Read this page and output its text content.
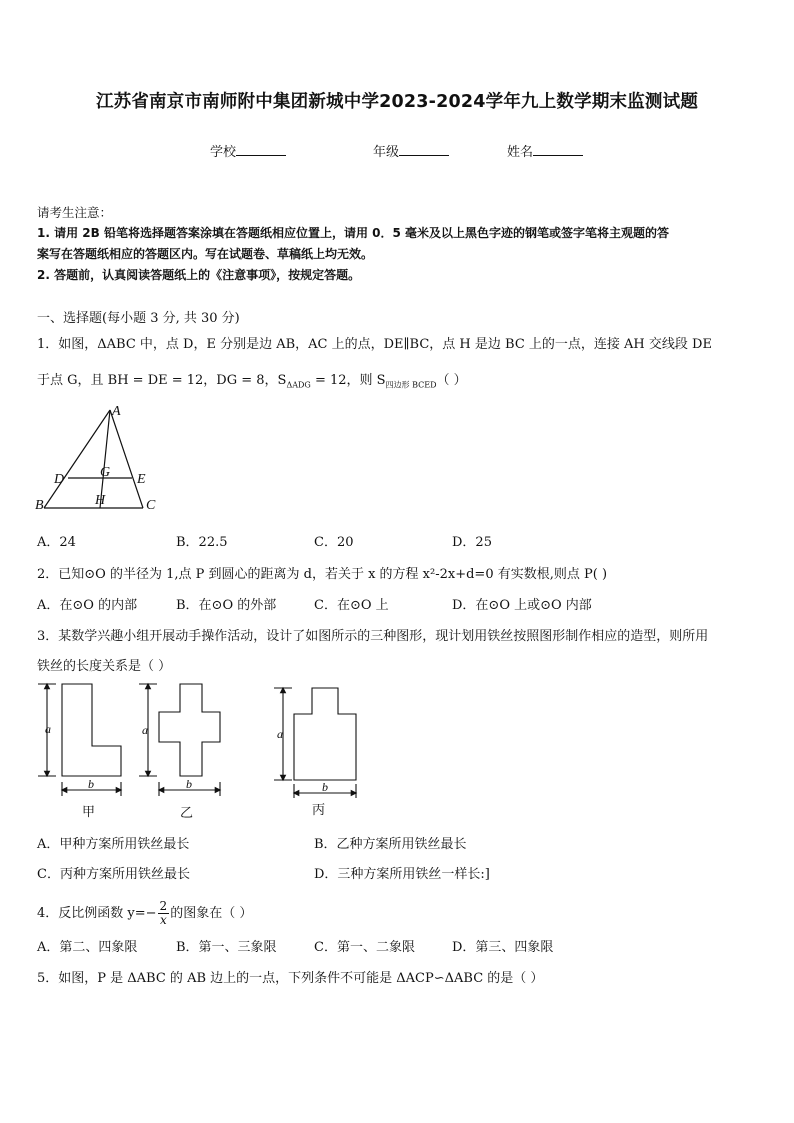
江苏省南京市南师附中集团新城中学2023-2024学年九上数学期末监测试题
学校	年级	姓名
请考生注意：
1. 请用 2B 铅笔将选择题答案涂填在答题纸相应位置上，请用 0．5 毫米及以上黑色字迹的钢笔或签字笔将主观题的答
案写在答题纸相应的答题区内。写在试题卷、草稿纸上均无效。
2. 答题前，认真阅读答题纸上的《注意事项》，按规定答题。
一、选择题(每小题 3 分, 共 30 分)
1．如图，ΔABC 中，点 D，E 分别是边 AB，AC 上的点，DE∥BC，点 H 是边 BC 上的一点，连接 AH 交线段 DE
于点 G，且 BH = DE = 12，DG = 8，$S_{\Delta ADG} = 12$，则 $S_{四边形 BCED}$（ ）
A
D	G E
B	H	C
A．24	B．22.5	C．20	D．25
2．已知⊙O 的半径为 1,点 P 到圆心的距离为 d，若关于 x 的方程 x²-2x+d=0 有实数根,则点 P( )
A．在⊙O 的内部	B．在⊙O 的外部	C．在⊙O 上	D．在⊙O 上或⊙O 内部
3．某数学兴趣小组开展动手操作活动，设计了如图所示的三种图形，现计划用铁丝按照图形制作相应的造型，则所用
铁丝的长度关系是（ ）
a
b
a
b
a
b
甲	乙	丙
A．甲种方案所用铁丝最长	B．乙种方案所用铁丝最长
C．丙种方案所用铁丝最长	D．三种方案所用铁丝一样长:]
4．反比例函数 $y=- \frac{2}{x}$ 的图象在（ ）
A．第二、四象限	B．第一、三象限	C．第一、二象限	D．第三、四象限
5．如图，P 是 ΔABC 的 AB 边上的一点，下列条件不可能是 ΔACP∽ΔABC 的是（ ）
